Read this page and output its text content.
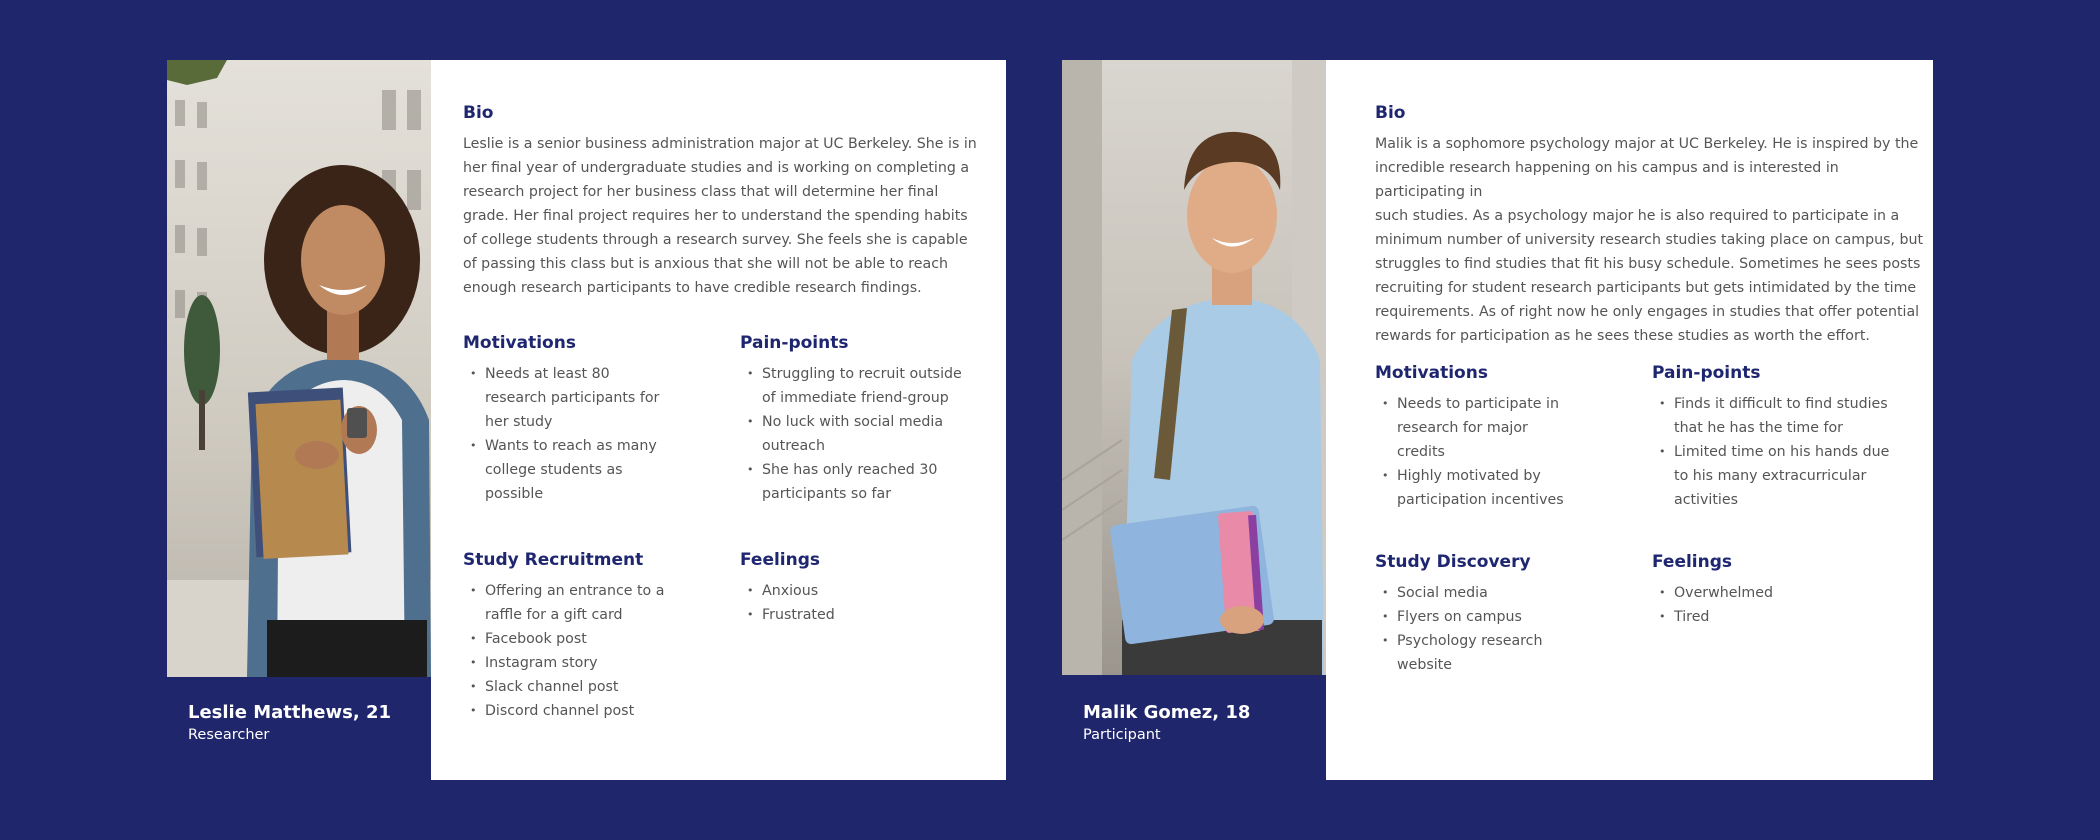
Bio
Leslie is a senior business administration major at UC Berkeley. She is in
her final year of undergraduate studies and is working on completing a
research project for her business class that will determine her final
grade. Her final project requires her to understand the spending habits
of college students through a research survey. She feels she is capable
of passing this class but is anxious that she will not be able to reach
enough research participants to have credible research findings.
Motivations
• Needs at least 80
research participants for
her study
• Wants to reach as many
college students as
possible
Pain-points
• Struggling to recruit outside
of immediate friend-group
• No luck with social media
outreach
• She has only reached 30
participants so far
Study Recruitment
• Offering an entrance to a
raffle for a gift card
• Facebook post
• Instagram story
• Slack channel post
• Discord channel post
Feelings
• Anxious
• Frustrated
Leslie Matthews, 21
Researcher
Bio
Malik is a sophomore psychology major at UC Berkeley. He is inspired by the
incredible research happening on his campus and is interested in participating in
such studies. As a psychology major he is also required to participate in a
minimum number of university research studies taking place on campus, but
struggles to find studies that fit his busy schedule. Sometimes he sees posts
recruiting for student research participants but gets intimidated by the time
requirements. As of right now he only engages in studies that offer potential
rewards for participation as he sees these studies as worth the effort.
Motivations
• Needs to participate in
research for major
credits
• Highly motivated by
participation incentives
Pain-points
• Finds it difficult to find studies
that he has the time for
• Limited time on his hands due
to his many extracurricular
activities
Study Discovery
• Social media
• Flyers on campus
• Psychology research
website
Feelings
• Overwhelmed
• Tired
Malik Gomez, 18
Participant
